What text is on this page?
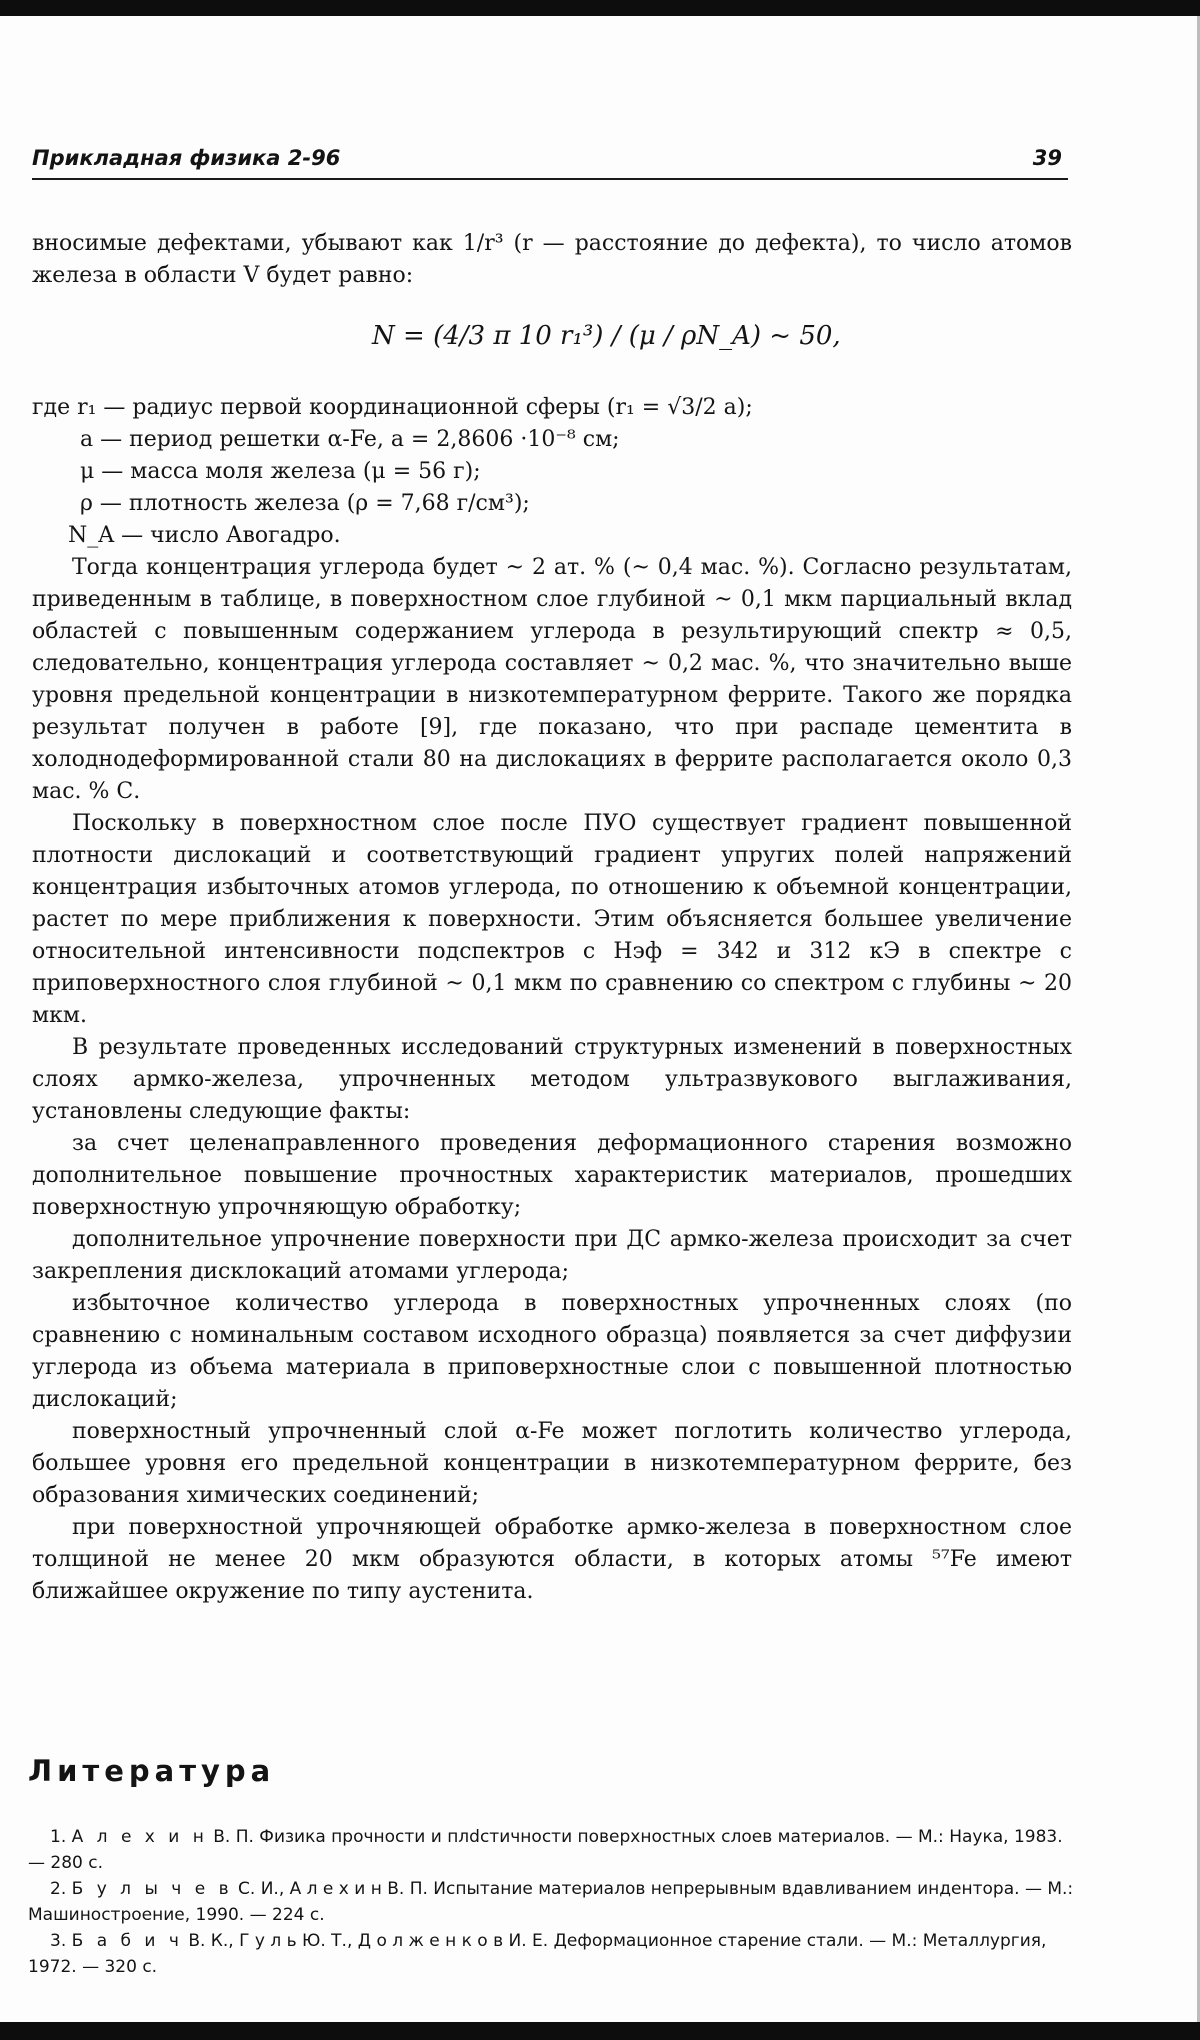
Прикладная физика 2-96	39

вносимые дефектами, убывают как 1/r³ (r — расстояние до дефекта), то число атомов железа в области V будет равно:

N = (4/3 π 10 r₁³) / (μ / ρN_A) ~ 50,

где r₁ — радиус первой координационной сферы (r₁ = √3/2 a);

a — период решетки α-Fe, a = 2,8606 ·10⁻⁸ см;

μ — масса моля железа (μ = 56 г);

ρ — плотность железа (ρ = 7,68 г/см³);

N_A — число Авогадро.

Тогда концентрация углерода будет ~ 2 ат. % (~ 0,4 мас. %). Согласно результатам, приведенным в таблице, в поверхностном слое глубиной ~ 0,1 мкм парциальный вклад областей с повышенным содержанием углерода в результирующий спектр ≈ 0,5, следовательно, концентрация углерода составляет ~ 0,2 мас. %, что значительно выше уровня предельной концентрации в низкотемпературном феррите. Такого же порядка результат получен в работе [9], где показано, что при распаде цементита в холоднодеформированной стали 80 на дислокациях в феррите располагается около 0,3 мас. % С.

Поскольку в поверхностном слое после ПУО существует градиент повышенной плотности дислокаций и соответствующий градиент упругих полей напряжений концентрация избыточных атомов углерода, по отношению к объемной концентрации, растет по мере приближения к поверхности. Этим объясняется большее увеличение относительной интенсивности подспектров с Hэф = 342 и 312 кЭ в спектре с приповерхностного слоя глубиной ~ 0,1 мкм по сравнению со спектром с глубины ~ 20 мкм.

В результате проведенных исследований структурных изменений в поверхностных слоях армко-железа, упрочненных методом ультразвукового выглаживания, установлены следующие факты:

за счет целенаправленного проведения деформационного старения возможно дополнительное повышение прочностных характеристик материалов, прошедших поверхностную упрочняющую обработку;

дополнительное упрочнение поверхности при ДС армко-железа происходит за счет закрепления дисклокаций атомами углерода;

избыточное количество углерода в поверхностных упрочненных слоях (по сравнению с номинальным составом исходного образца) появляется за счет диффузии углерода из объема материала в приповерхностные слои с повышенной плотностью дислокаций;

поверхностный упрочненный слой α-Fe может поглотить количество углерода, большее уровня его предельной концентрации в низкотемпературном феррите, без образования химических соединений;

при поверхностной упрочняющей обработке армко-железа в поверхностном слое толщиной не менее 20 мкм образуются области, в которых атомы ⁵⁷Fe имеют ближайшее окружение по типу аустенита.

Литература

1. А л е х и н В. П. Физика прочности и плdстичности поверхностных слоев материалов. — М.: Наука, 1983. — 280 с.

2. Б у л ы ч е в С. И., А л е х и н В. П. Испытание материалов непрерывным вдавливанием индентора. — М.: Машиностроение, 1990. — 224 с.

3. Б а б и ч В. К., Г у л ь Ю. Т., Д о л ж е н к о в И. Е. Деформационное старение стали. — М.: Металлургия, 1972. — 320 с.
